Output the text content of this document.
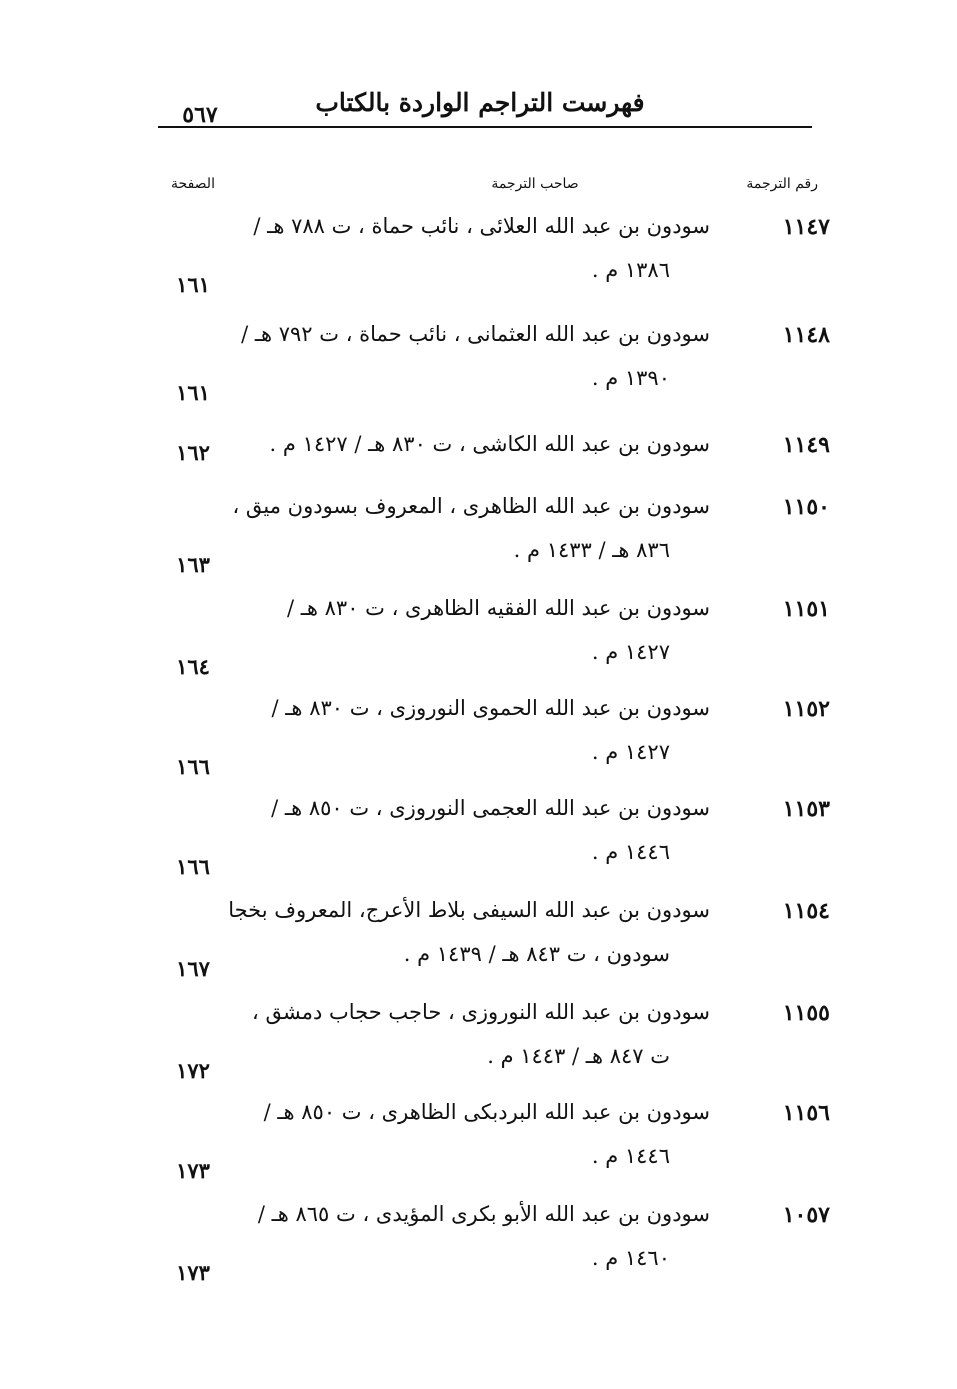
فهرست التراجم الواردة بالكتاب
٥٦٧
رقم الترجمة
صاحب الترجمة
الصفحة
١١٤٧
سودون بن عبد الله العلائى ، نائب حماة ، ت ٧٨٨ هـ /
١٣٨٦ م .
١٦١
١١٤٨
سودون بن عبد الله العثمانى ، نائب حماة ، ت ٧٩٢ هـ /
١٣٩٠ م .
١٦١
١١٤٩
سودون بن عبد الله الكاشى ، ت ٨٣٠ هـ / ١٤٢٧ م .
١٦٢
١١٥٠
سودون بن عبد الله الظاهرى ، المعروف بسودون ميق ،
٨٣٦ هـ / ١٤٣٣ م .
١٦٣
١١٥١
سودون بن عبد الله الفقيه الظاهرى ، ت ٨٣٠ هـ /
١٤٢٧ م .
١٦٤
١١٥٢
سودون بن عبد الله الحموى النوروزى ، ت ٨٣٠ هـ /
١٤٢٧ م .
١٦٦
١١٥٣
سودون بن عبد الله العجمى النوروزى ، ت ٨٥٠ هـ /
١٤٤٦ م .
١٦٦
١١٥٤
سودون بن عبد الله السيفى بلاط الأعرج، المعروف بخجا
سودون ، ت ٨٤٣ هـ / ١٤٣٩ م .
١٦٧
١١٥٥
سودون بن عبد الله النوروزى ، حاجب حجاب دمشق ،
ت ٨٤٧ هـ / ١٤٤٣ م .
١٧٢
١١٥٦
سودون بن عبد الله البردبكى الظاهرى ، ت ٨٥٠ هـ /
١٤٤٦ م .
١٧٣
١٠٥٧
سودون بن عبد الله الأبو بكرى المؤيدى ، ت ٨٦٥ هـ /
١٤٦٠ م .
١٧٣
